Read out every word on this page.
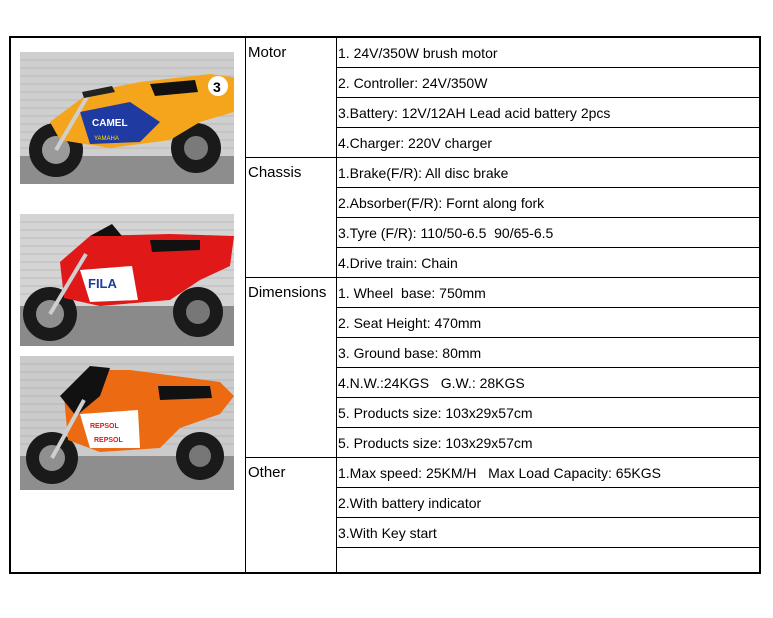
3
CAMEL
YAMAHA
FILA
REPSOL
REPSOL
Motor
Chassis
Dimensions
Other
1. 24V/350W brush motor
2. Controller: 24V/350W
3.Battery: 12V/12AH Lead acid battery 2pcs
4.Charger: 220V charger
1.Brake(F/R): All disc brake
2.Absorber(F/R): Fornt along fork
3.Tyre (F/R): 110/50-6.5  90/65-6.5
4.Drive train: Chain
1. Wheel  base: 750mm
2. Seat Height: 470mm
3. Ground base: 80mm
4.N.W.:24KGS   G.W.: 28KGS
5. Products size: 103x29x57cm
5. Products size: 103x29x57cm
1.Max speed: 25KM/H   Max Load Capacity: 65KGS
2.With battery indicator
3.With Key start
